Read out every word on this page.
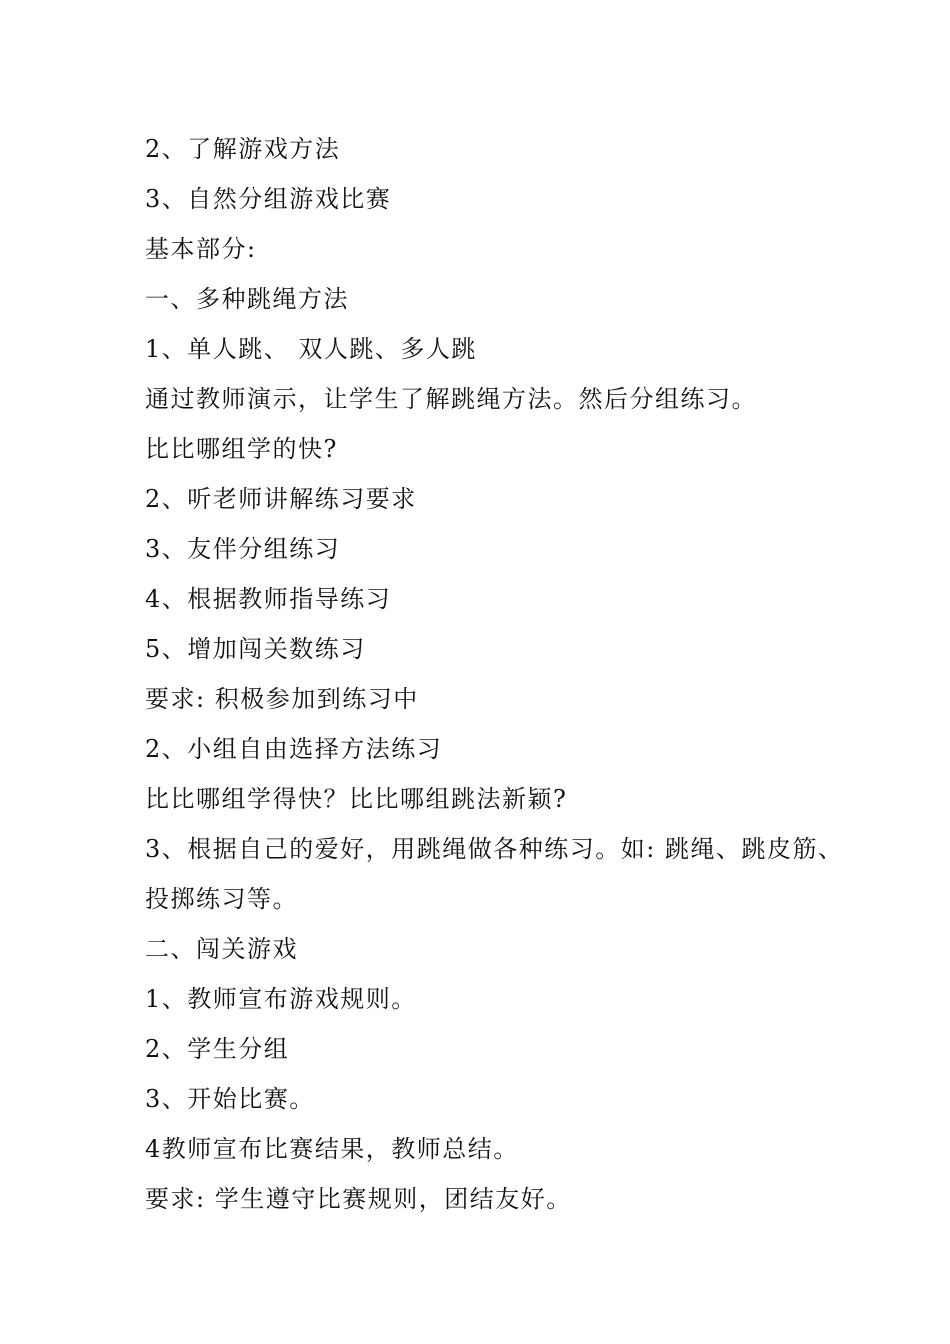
2、了解游戏方法
3、自然分组游戏比赛
基本部分:
一、多种跳绳方法
1、单人跳、 双人跳、多人跳
通过教师演示，让学生了解跳绳方法。然后分组练习。
比比哪组学的快?
2、听老师讲解练习要求
3、友伴分组练习
4、根据教师指导练习
5、增加闯关数练习
要求: 积极参加到练习中
2、小组自由选择方法练习
比比哪组学得快？比比哪组跳法新颖?
3、根据自己的爱好，用跳绳做各种练习。如: 跳绳、跳皮筋、
投掷练习等。
二、闯关游戏
1、教师宣布游戏规则。
2、学生分组
3、开始比赛。
4教师宣布比赛结果，教师总结。
要求: 学生遵守比赛规则，团结友好。
